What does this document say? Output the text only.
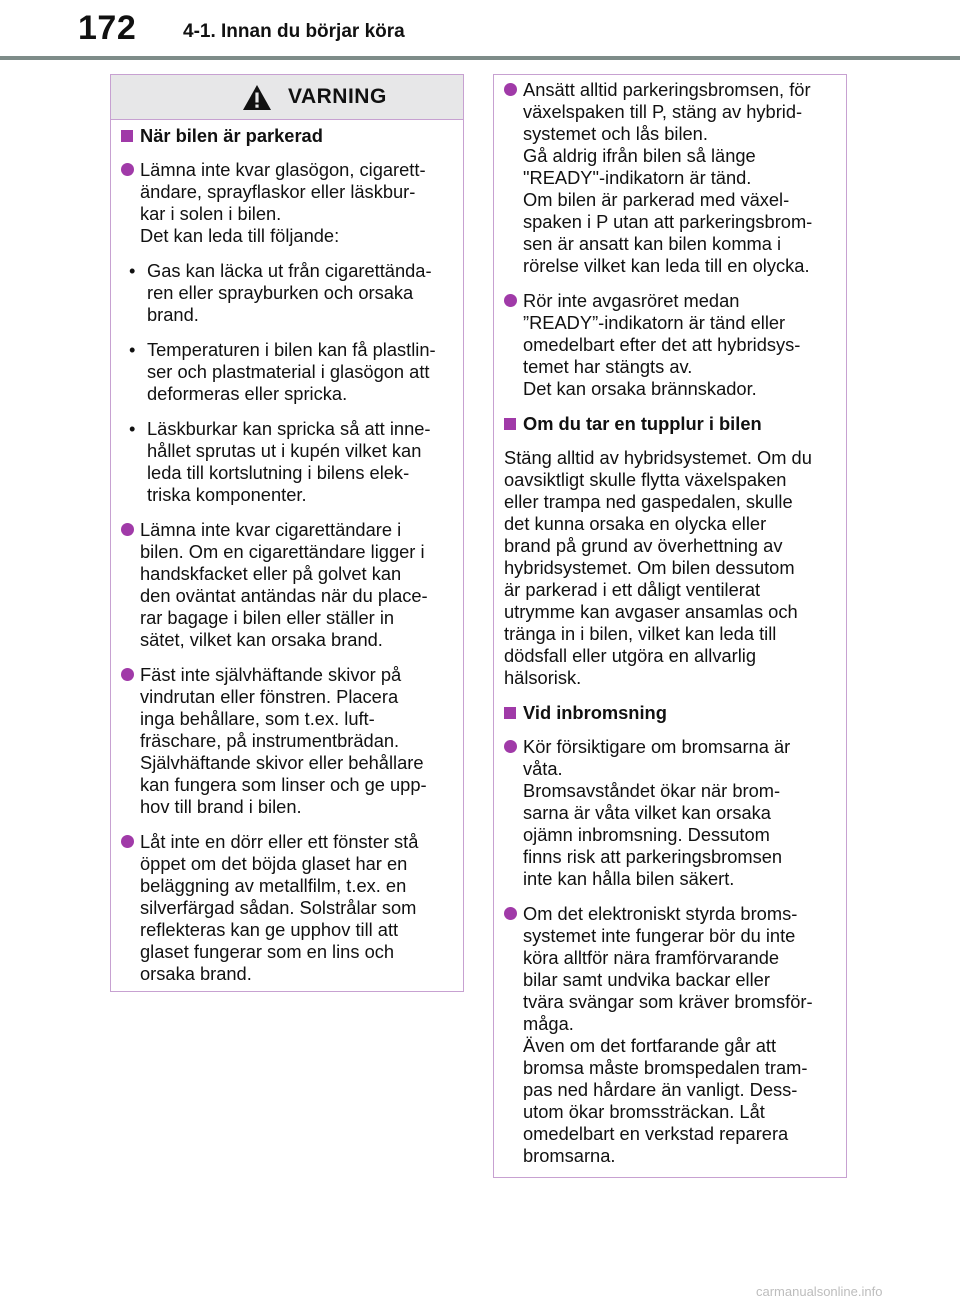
172 4-1. Innan du börjar köra
VARNING
När bilen är parkerad
Lämna inte kvar glasögon, cigarett-
ändare, sprayflaskor eller läskbur-
kar i solen i bilen.
Det kan leda till följande:
• Gas kan läcka ut från cigarettända-
ren eller sprayburken och orsaka
brand.
• Temperaturen i bilen kan få plastlin-
ser och plastmaterial i glasögon att
deformeras eller spricka.
• Läskburkar kan spricka så att inne-
hållet sprutas ut i kupén vilket kan
leda till kortslutning i bilens elek-
triska komponenter.
Lämna inte kvar cigarettändare i
bilen. Om en cigarettändare ligger i
handskfacket eller på golvet kan
den oväntat antändas när du place-
rar bagage i bilen eller ställer in
sätet, vilket kan orsaka brand.
Fäst inte självhäftande skivor på
vindrutan eller fönstren. Placera
inga behållare, som t.ex. luft-
fräschare, på instrumentbrädan.
Självhäftande skivor eller behållare
kan fungera som linser och ge upp-
hov till brand i bilen.
Låt inte en dörr eller ett fönster stå
öppet om det böjda glaset har en
beläggning av metallfilm, t.ex. en
silverfärgad sådan. Solstrålar som
reflekteras kan ge upphov till att
glaset fungerar som en lins och
orsaka brand.
Ansätt alltid parkeringsbromsen, för
växelspaken till P, stäng av hybrid-
systemet och lås bilen.
Gå aldrig ifrån bilen så länge
"READY"-indikatorn är tänd.
Om bilen är parkerad med växel-
spaken i P utan att parkeringsbrom-
sen är ansatt kan bilen komma i
rörelse vilket kan leda till en olycka.
Rör inte avgasröret medan
”READY”-indikatorn är tänd eller
omedelbart efter det att hybridsys-
temet har stängts av.
Det kan orsaka brännskador.
Om du tar en tupplur i bilen
Stäng alltid av hybridsystemet. Om du
oavsiktligt skulle flytta växelspaken
eller trampa ned gaspedalen, skulle
det kunna orsaka en olycka eller
brand på grund av överhettning av
hybridsystemet. Om bilen dessutom
är parkerad i ett dåligt ventilerat
utrymme kan avgaser ansamlas och
tränga in i bilen, vilket kan leda till
dödsfall eller utgöra en allvarlig
hälsorisk.
Vid inbromsning
Kör försiktigare om bromsarna är
våta.
Bromsavståndet ökar när brom-
sarna är våta vilket kan orsaka
ojämn inbromsning. Dessutom
finns risk att parkeringsbromsen
inte kan hålla bilen säkert.
Om det elektroniskt styrda broms-
systemet inte fungerar bör du inte
köra alltför nära framförvarande
bilar samt undvika backar eller
tvära svängar som kräver bromsför-
måga.
Även om det fortfarande går att
bromsa måste bromspedalen tram-
pas ned hårdare än vanligt. Dess-
utom ökar bromssträckan. Låt
omedelbart en verkstad reparera
bromsarna.
carmanualsonline.info
